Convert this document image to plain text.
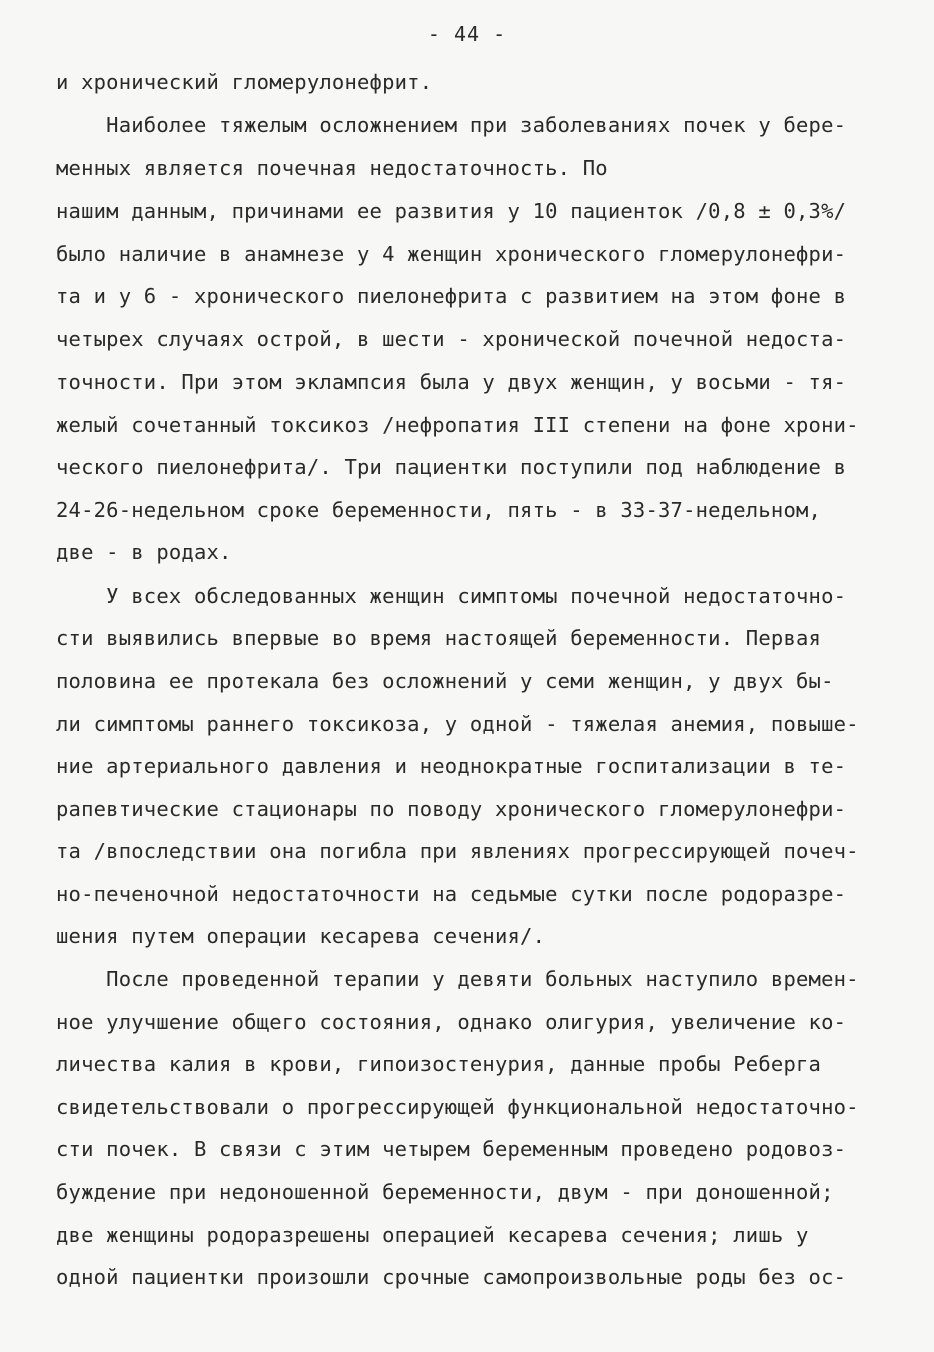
- 44 -
и хронический гломерулонефрит.
Наиболее тяжелым осложнением при заболеваниях почек у бере-
менных является почечная недостаточность. По
нашим данным, причинами ее развития у 10 пациенток /0,8 ± 0,3%/
было наличие в анамнезе у 4 женщин хронического гломерулонефри-
та и у 6 - хронического пиелонефрита с развитием на этом фоне в
четырех случаях острой, в шести - хронической почечной недоста-
точности. При этом эклампсия была у двух женщин, у восьми - тя-
желый сочетанный токсикоз /нефропатия III степени на фоне хрони-
ческого пиелонефрита/. Три пациентки поступили под наблюдение в
24-26-недельном сроке беременности, пять - в 33-37-недельном,
две - в родах.
У всех обследованных женщин симптомы почечной недостаточно-
сти выявились впервые во время настоящей беременности. Первая
половина ее протекала без осложнений у семи женщин, у двух бы-
ли симптомы раннего токсикоза, у одной - тяжелая анемия, повыше-
ние артериального давления и неоднократные госпитализации в те-
рапевтические стационары по поводу хронического гломерулонефри-
та /впоследствии она погибла при явлениях прогрессирующей почеч-
но-печеночной недостаточности на седьмые сутки после родоразре-
шения путем операции кесарева сечения/.
После проведенной терапии у девяти больных наступило времен-
ное улучшение общего состояния, однако олигурия, увеличение ко-
личества калия в крови, гипоизостенурия, данные пробы Реберга
свидетельствовали о прогрессирующей функциональной недостаточно-
сти почек. В связи с этим четырем беременным проведено родовоз-
буждение при недоношенной беременности, двум - при доношенной;
две женщины родоразрешены операцией кесарева сечения; лишь у
одной пациентки произошли срочные самопроизвольные роды без ос-
